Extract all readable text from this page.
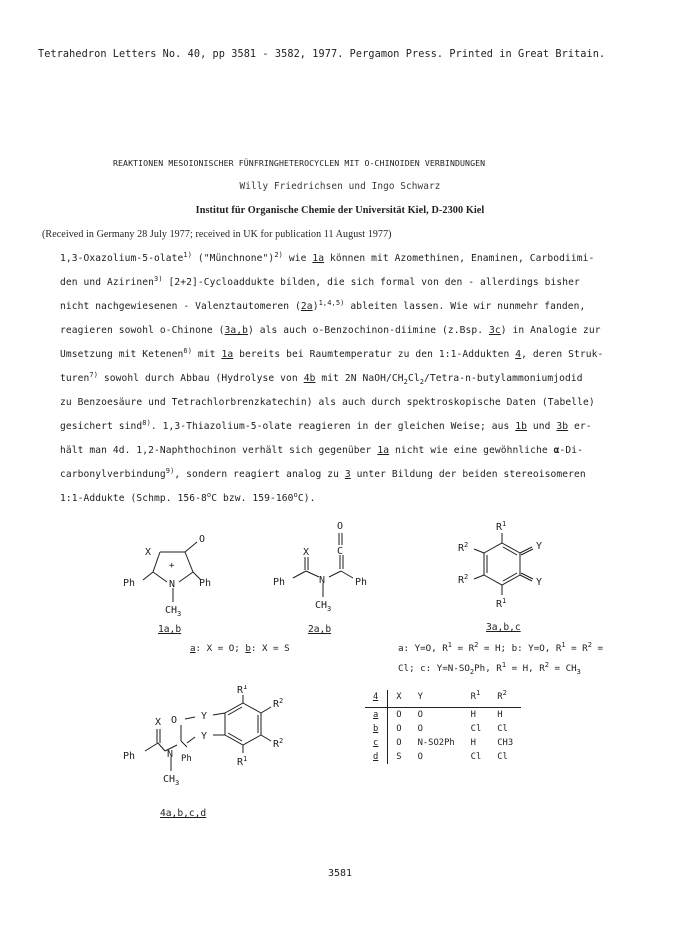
Tetrahedron Letters No. 40, pp 3581 - 3582, 1977. Pergamon Press. Printed in Great Britain.
REAKTIONEN MESOIONISCHER FÜNFRINGHETEROCYCLEN MIT O-CHINOIDEN VERBINDUNGEN
Willy Friedrichsen und Ingo Schwarz
Institut für Organische Chemie der Universität Kiel, D-2300 Kiel
(Received in Germany 28 July 1977; received in UK for publication 11 August 1977)
1,3-Oxazolium-5-olate$^{1)}$ ("Münchnone")$^{2)}$ wie 1a können mit Azomethinen, Enaminen, Carbodiimi-
den und Azirinen$^{3)}$ [2+2]-Cycloaddukte bilden, die sich formal von den - allerdings bisher
nicht nachgewiesenen - Valenztautomeren $(2a)^{1,4,5)}$ ableiten lassen. Wie wir nunmehr fanden,
reagieren sowohl o-Chinone (3a,b) als auch o-Benzochinon-diimine (z.Bsp. 3c) in Analogie zur
Umsetzung mit Ketenen$^{6)}$ mit 1a bereits bei Raumtemperatur zu den 1:1-Addukten 4, deren Struk-
turen$^{7)}$ sowohl durch Abbau (Hydrolyse von 4b mit 2N NaOH/$CH_2Cl_2/Tetra-n$-butylammoniumjodid
zu Benzoesäure und Tetrachlorbrenzkatechin) als auch durch spektroskopische Daten (Tabelle)
gesichert sind$^{8)}$. 1,3-Thiazolium-5-olate reagieren in der gleichen Weise; aus 1b und 3b er-
hält man 4d. 1,2-Naphthochinon verhält sich gegenüber 1a nicht wie eine gewöhnliche α-Di-
carbonylverbindung$^{9)}$, sondern reagiert analog zu 3 unter Bildung der beiden stereoisomeren
1:1-Addukte (Schmp. 156-8$^o$C bzw. 159-160$^o$C).
X
O
+
Ph	Ph
N
$CH_3$
1a,b
a: X = O; b: X = S
O
C
X
Ph	Ph
N
$CH_3$
2a,b
$R^1$
$R^2$
$R^2$
$R^1$
Y
Y
3a,b,c
a: Y=O, $R^1 = R^2 = H$; b: Y=O, $R^1 = R^2$ =
Cl; c: $Y=N-SO_2Ph$, $R^1 = H$, $R^2 = CH_3$
X O Y
Y
Ph	Ph
N
$CH_3$
$R^1$
$R^2$
$R^2$
$R^1$
4a,b,c,d
4	X	Y	$R^1$	$R^2$
a	O	O	H	H
b	O	O	Cl	Cl
c	O	N-SO2Ph	H	CH3
d	S	O	Cl	Cl
3581
